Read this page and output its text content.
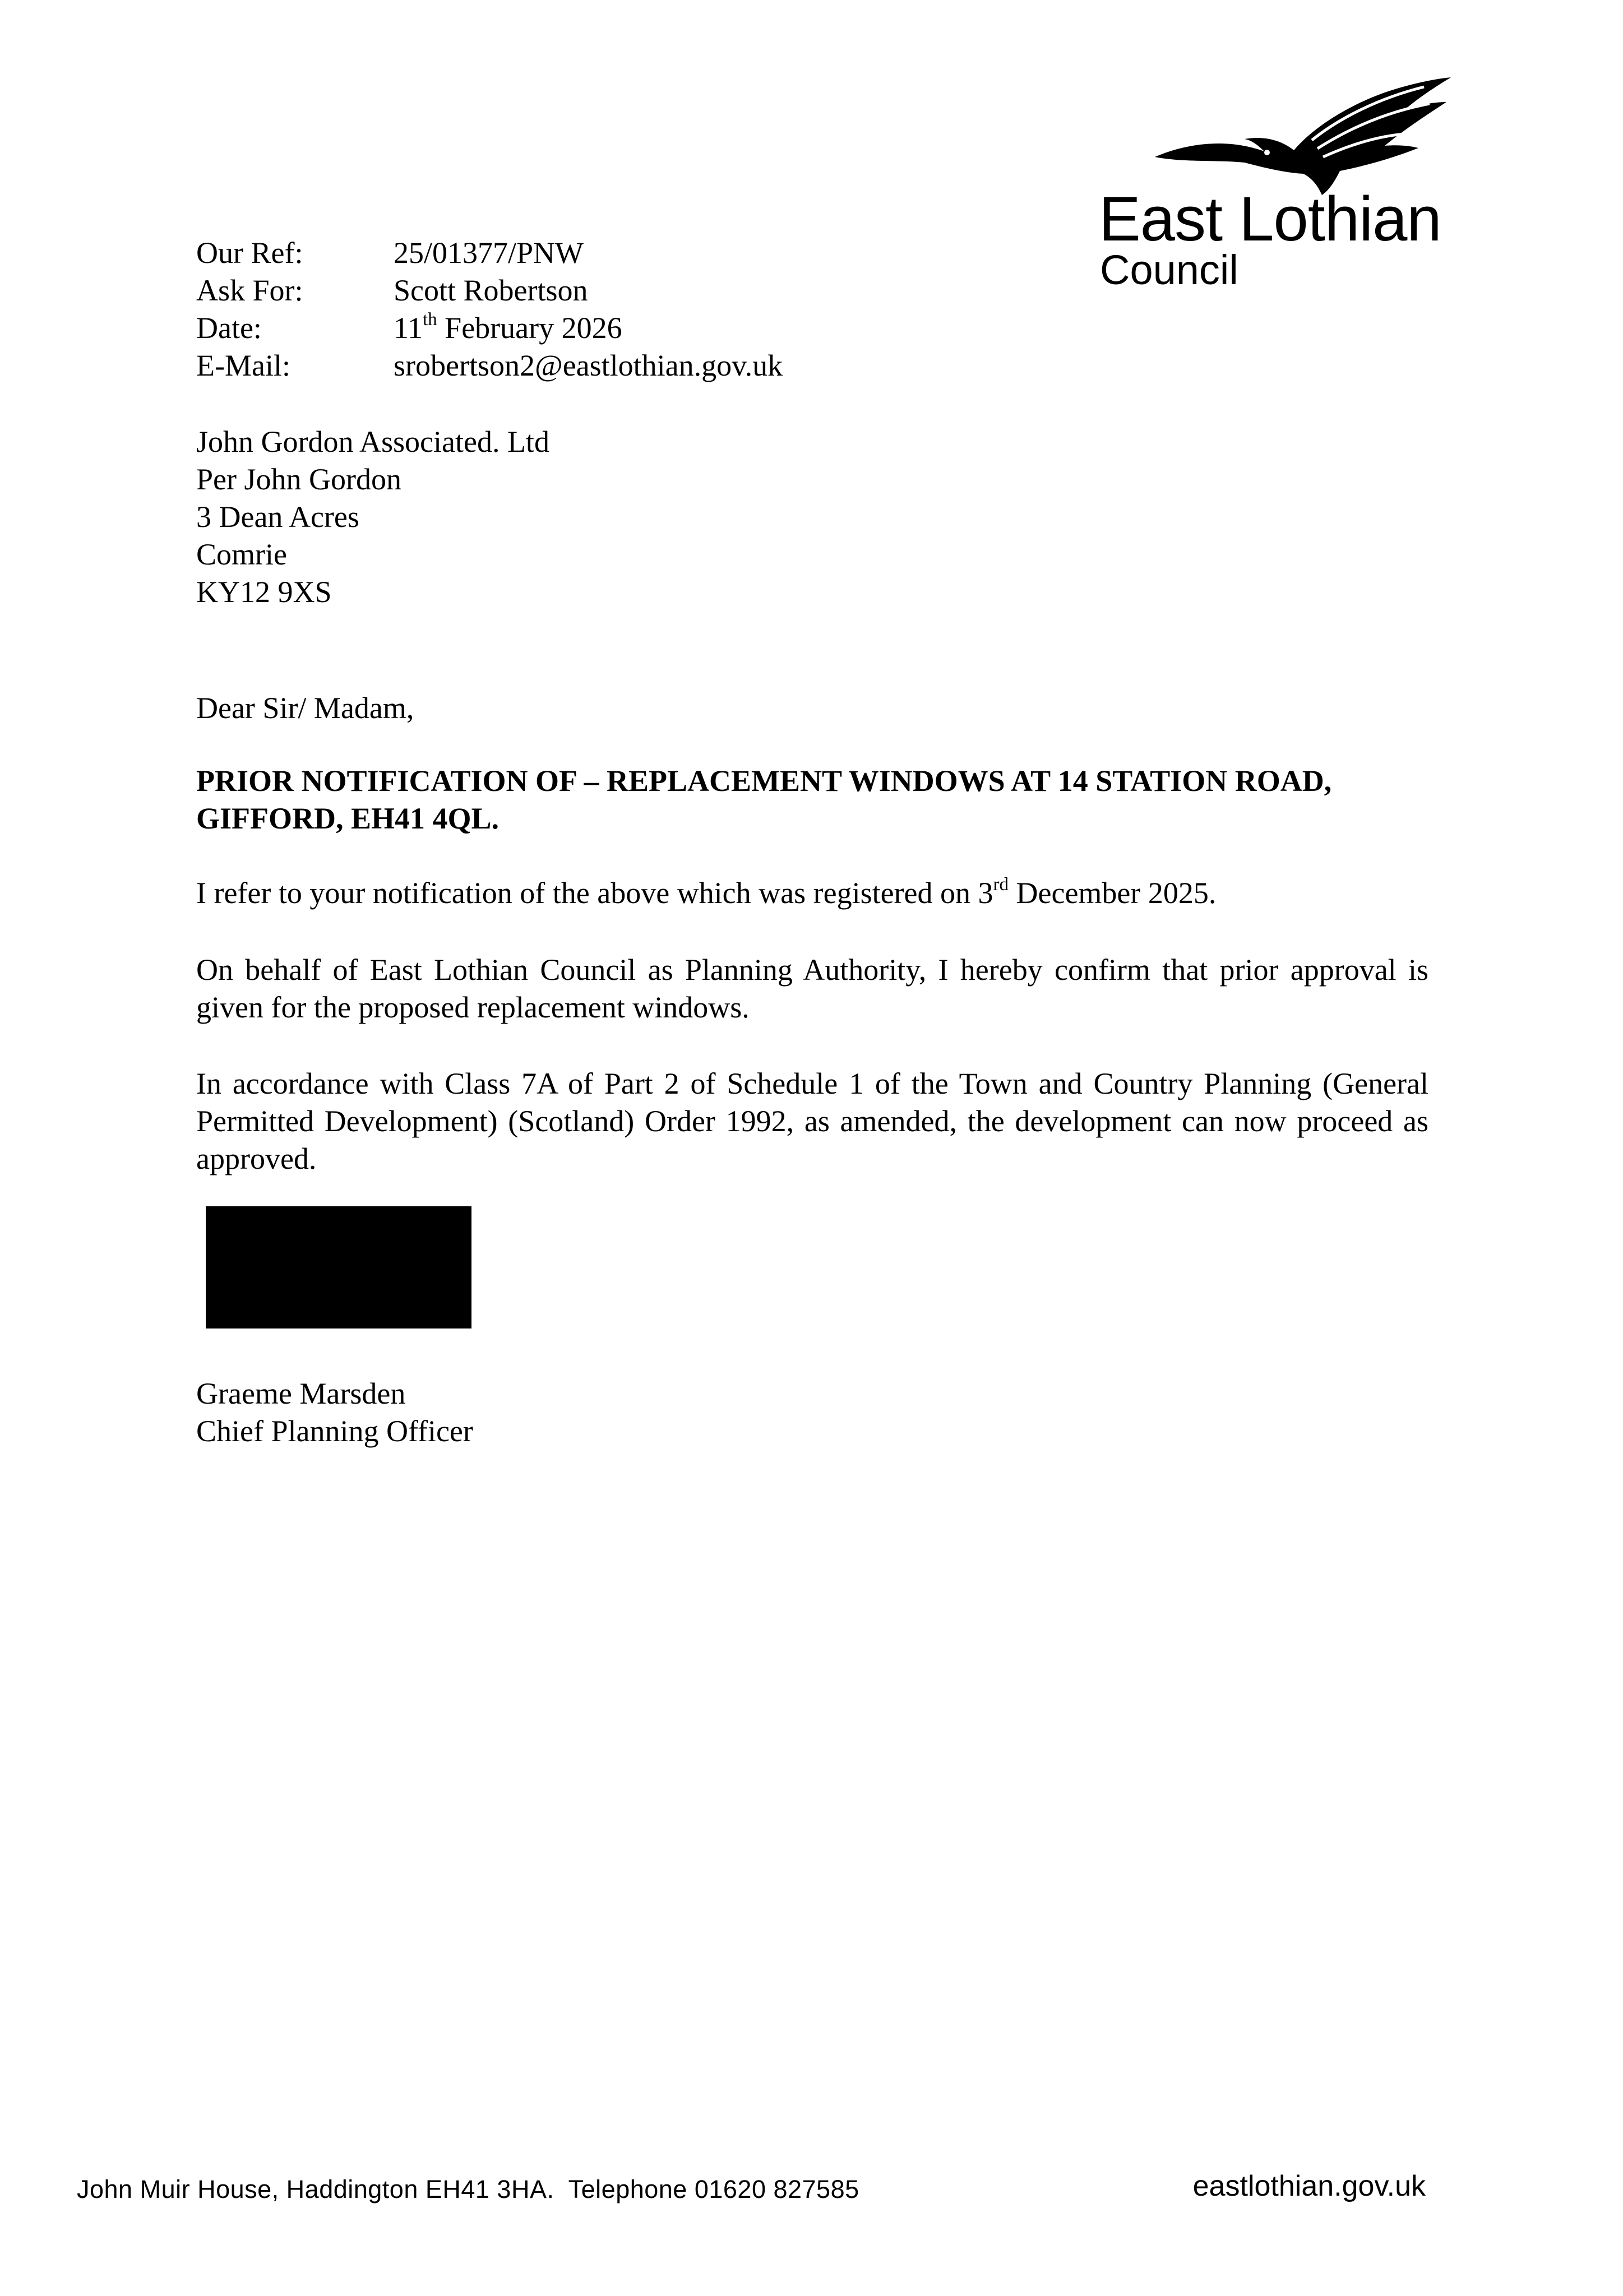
East Lothian
Council
Our Ref:	25/01377/PNW
Ask For:	Scott Robertson
Date:	11th February 2026
E-Mail:	srobertson2@eastlothian.gov.uk
John Gordon Associated. Ltd
Per John Gordon
3 Dean Acres
Comrie
KY12 9XS
Dear Sir/ Madam,
PRIOR NOTIFICATION OF – REPLACEMENT WINDOWS AT 14 STATION ROAD,
GIFFORD, EH41 4QL.
I refer to your notification of the above which was registered on 3rd December 2025.
On behalf of East Lothian Council as Planning Authority, I hereby confirm that prior approval is given for the proposed replacement windows.
In accordance with Class 7A of Part 2 of Schedule 1 of the Town and Country Planning (General Permitted Development) (Scotland) Order 1992, as amended, the development can now proceed as approved.
Graeme Marsden
Chief Planning Officer
John Muir House, Haddington EH41 3HA.  Telephone 01620 827585	eastlothian.gov.uk
